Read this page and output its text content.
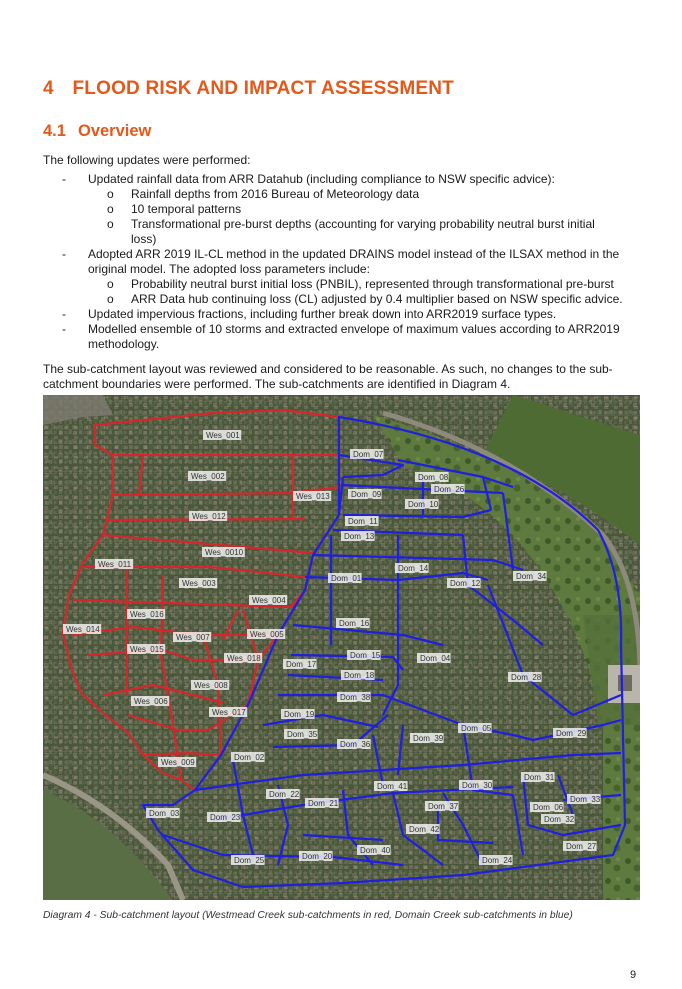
4 FLOOD RISK AND IMPACT ASSESSMENT
4.1 Overview

The following updates were performed:

- Updated rainfall data from ARR Datahub (including compliance to NSW specific advice):
o	Rainfall depths from 2016 Bureau of Meteorology data
o	10 temporal patterns
o	Transformational pre-burst depths (accounting for varying probability neutral burst initial loss)
- Adopted ARR 2019 IL-CL method in the updated DRAINS model instead of the ILSAX method in the original model. The adopted loss parameters include:
o	Probability neutral burst initial loss (PNBIL), represented through transformational pre-burst
o	ARR Data hub continuing loss (CL) adjusted by 0.4 multiplier based on NSW specific advice.
- Updated impervious fractions, including further break down into ARR2019 surface types.
- Modelled ensemble of 10 storms and extracted envelope of maximum values according to ARR2019 methodology.

The sub-catchment layout was reviewed and considered to be reasonable. As such, no changes to the sub-catchment boundaries were performed. The sub-catchments are identified in Diagram 4.

Wes_001
Wes_002
Wes_013
Wes_012
Wes_0010
Wes_011
Wes_003
Wes_004
Wes_016
Wes_014
Wes_007	Wes_005
Wes_015
Wes_018
Wes_008
Wes_006
Wes_017
Wes_009
Dom_07
Dom_08
Dom_26
Dom_09
Dom_10
Dom_11
Dom_13
Dom_14
Dom_34
Dom_01
Dom_12
Dom_16
Dom_15	Dom_04
Dom_17
Dom_18	Dom_28
Dom_38
Dom_19
Dom_05
Dom_29
Dom_35	Dom_39
Dom_36
Dom_02
Dom_31
Dom_41	Dom_30
Dom_22
Dom_33
Dom_21	Dom_37	Dom_06
Dom_03	Dom_23	Dom_32
Dom_42
Dom_27
Dom_40
Dom_20
Dom_25	Dom_24

Diagram 4 - Sub-catchment layout (Westmead Creek sub-catchments in red, Domain Creek sub-catchments in blue)

9
